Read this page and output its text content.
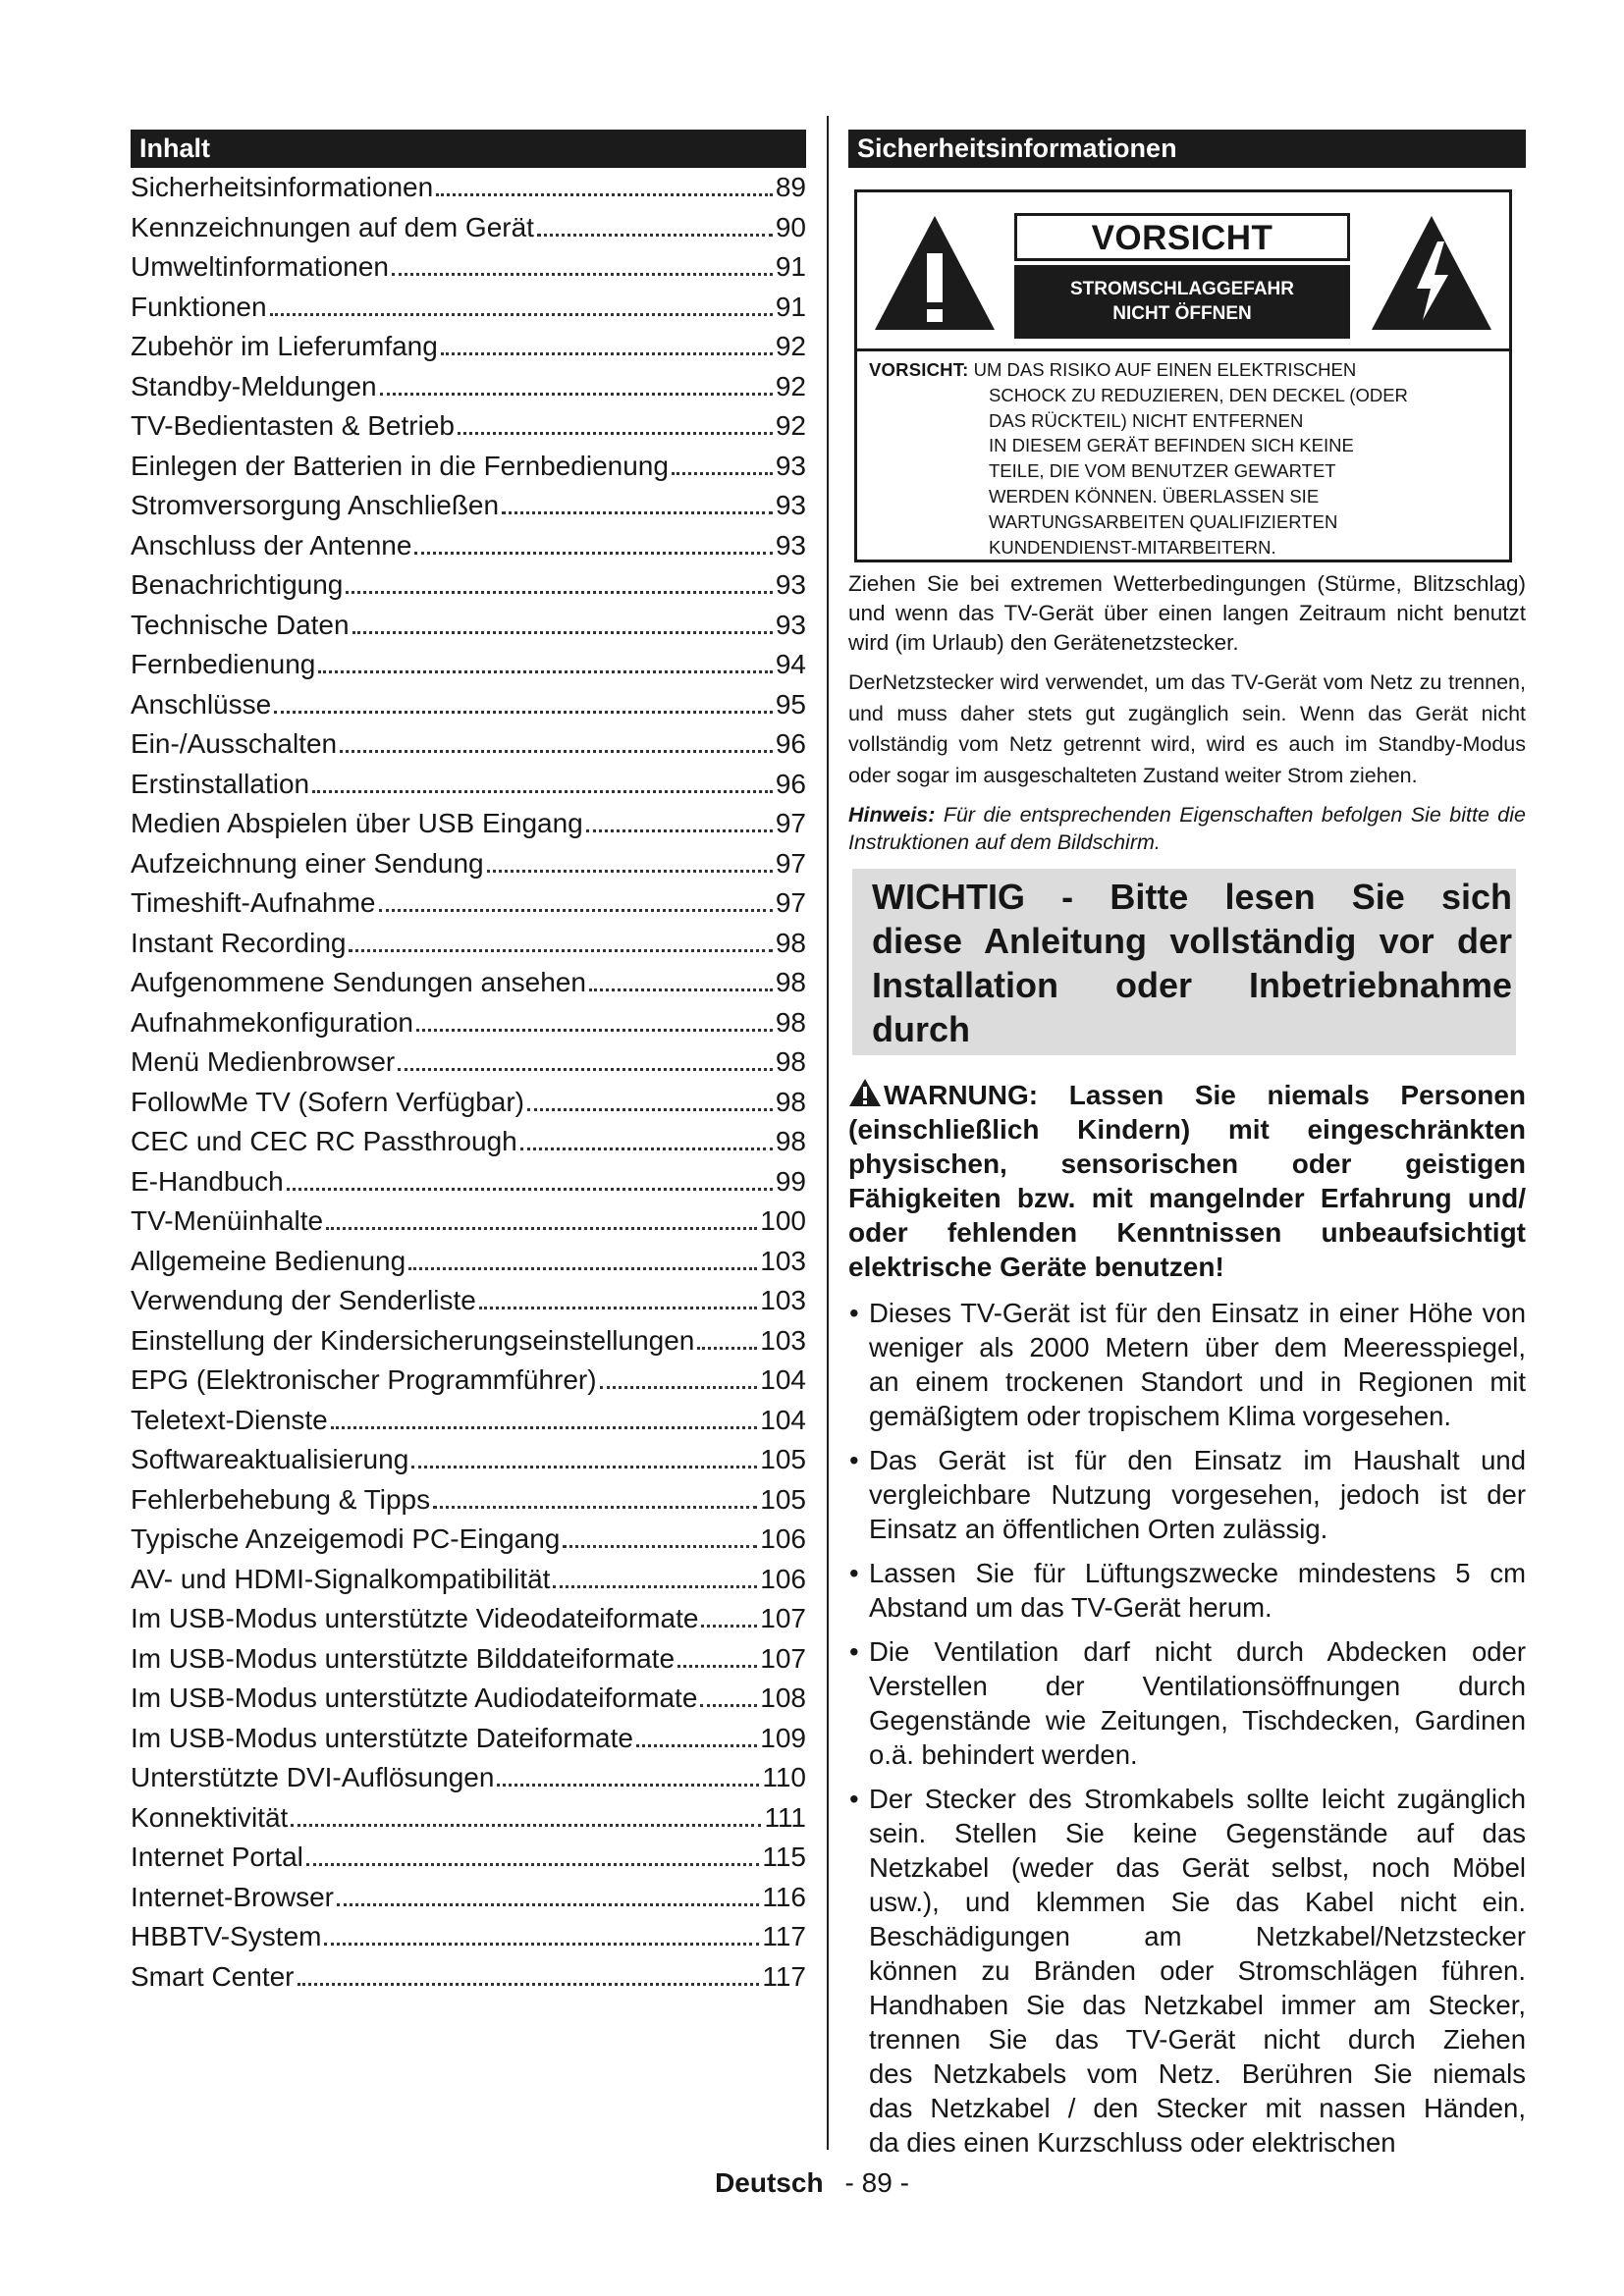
Inhalt
Sicherheitsinformationen	89
Kennzeichnungen auf dem Gerät	90
Umweltinformationen	91
Funktionen	91
Zubehör im Lieferumfang	92
Standby-Meldungen	92
TV-Bedientasten & Betrieb	92
Einlegen der Batterien in die Fernbedienung	93
Stromversorgung Anschließen	93
Anschluss der Antenne	93
Benachrichtigung	93
Technische Daten	93
Fernbedienung	94
Anschlüsse	95
Ein-/Ausschalten	96
Erstinstallation	96
Medien Abspielen über USB Eingang	97
Aufzeichnung einer Sendung	97
Timeshift-Aufnahme	97
Instant Recording	98
Aufgenommene Sendungen ansehen	98
Aufnahmekonfiguration	98
Menü Medienbrowser	98
FollowMe TV (Sofern Verfügbar)	98
CEC und CEC RC Passthrough	98
E-Handbuch	99
TV-Menüinhalte	100
Allgemeine Bedienung	103
Verwendung der Senderliste	103
Einstellung der Kindersicherungseinstellungen 103
EPG (Elektronischer Programmführer)	104
Teletext-Dienste	104
Softwareaktualisierung	105
Fehlerbehebung & Tipps	105
Typische Anzeigemodi PC-Eingang	106
AV- und HDMI-Signalkompatibilität	106
Im USB-Modus unterstützte Videodateiformate 107
Im USB-Modus unterstützte Bilddateiformate	107
Im USB-Modus unterstützte Audiodateiformate 108
Im USB-Modus unterstützte Dateiformate	109
Unterstützte DVI-Auflösungen	110
Konnektivität	111
Internet Portal	115
Internet-Browser	116
HBBTV-System	117
Smart Center	117
Sicherheitsinformationen
VORSICHT
STROMSCHLAGGEFAHR
NICHT ÖFFNEN
VORSICHT: UM DAS RISIKO AUF EINEN ELEKTRISCHEN
SCHOCK ZU REDUZIEREN, DEN DECKEL (ODER
DAS RÜCKTEIL) NICHT ENTFERNEN
IN DIESEM GERÄT BEFINDEN SICH KEINE
TEILE, DIE VOM BENUTZER GEWARTET
WERDEN KÖNNEN. ÜBERLASSEN SIE
WARTUNGSARBEITEN QUALIFIZIERTEN
KUNDENDIENST-MITARBEITERN.

Ziehen Sie bei extremen Wetterbedingungen (Stürme, Blitzschlag) und wenn das TV-Gerät über einen langen Zeitraum nicht benutzt wird (im Urlaub) den Gerätenetzstecker.

DerNetzstecker wird verwendet, um das TV-Gerät vom Netz zu trennen, und muss daher stets gut zugänglich sein. Wenn das Gerät nicht vollständig vom Netz getrennt wird, wird es auch im Standby-Modus oder sogar im ausgeschalteten Zustand weiter Strom ziehen.

Hinweis: Für die entsprechenden Eigenschaften befolgen Sie bitte die Instruktionen auf dem Bildschirm.

WICHTIG - Bitte lesen Sie sich
diese Anleitung vollständig vor der
Installation oder Inbetriebnahme durch
WARNUNG: Lassen Sie niemals Personen
(einschließlich Kindern) mit eingeschränkten
physischen, sensorischen oder geistigen
Fähigkeiten bzw. mit mangelnder Erfahrung und/
oder fehlenden Kenntnissen unbeaufsichtigt
elektrische Geräte benutzen!
• Dieses TV-Gerät ist für den Einsatz in einer Höhe von
weniger als 2000 Metern über dem Meeresspiegel,
an einem trockenen Standort und in Regionen mit
gemäßigtem oder tropischem Klima vorgesehen.
• Das Gerät ist für den Einsatz im Haushalt und
vergleichbare Nutzung vorgesehen, jedoch ist der
Einsatz an öffentlichen Orten zulässig.
• Lassen Sie für Lüftungszwecke mindestens 5 cm
Abstand um das TV-Gerät herum.
• Die Ventilation darf nicht durch Abdecken oder
Verstellen der Ventilationsöffnungen durch
Gegenstände wie Zeitungen, Tischdecken, Gardinen
o.ä. behindert werden.
• Der Stecker des Stromkabels sollte leicht zugänglich
sein. Stellen Sie keine Gegenstände auf das
Netzkabel (weder das Gerät selbst, noch Möbel
usw.), und klemmen Sie das Kabel nicht ein.
Beschädigungen am Netzkabel/Netzstecker
können zu Bränden oder Stromschlägen führen.
Handhaben Sie das Netzkabel immer am Stecker,
trennen Sie das TV-Gerät nicht durch Ziehen
des Netzkabels vom Netz. Berühren Sie niemals
das Netzkabel / den Stecker mit nassen Händen,
da dies einen Kurzschluss oder elektrischen
Deutsch - 89 -
